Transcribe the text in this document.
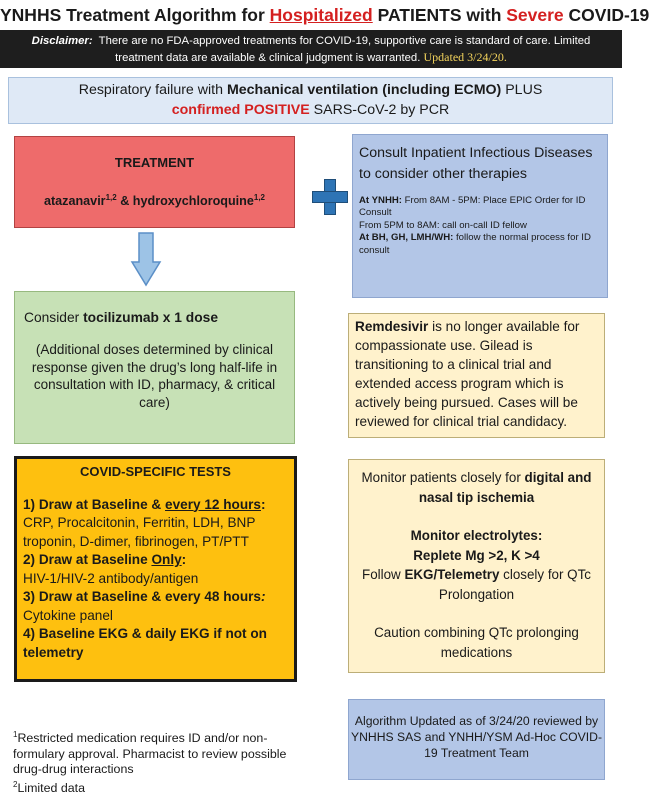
YNHHS Treatment Algorithm for Hospitalized PATIENTS with Severe COVID-19
Disclaimer: There are no FDA-approved treatments for COVID-19, supportive care is standard of care. Limited treatment data are available & clinical judgment is warranted. Updated 3/24/20.
Respiratory failure with Mechanical ventilation (including ECMO) PLUS
confirmed POSITIVE SARS-CoV-2 by PCR
TREATMENT
atazanavir$^{1,2}$ & hydroxychloroquine$^{1,2}$
Consult Inpatient Infectious Diseases to consider other therapies
At YNHH: From 8AM - 5PM: Place EPIC Order for ID Consult
From 5PM to 8AM: call on-call ID fellow
At BH, GH, LMH/WH: follow the normal process for ID consult
Consider tocilizumab x 1 dose
(Additional doses determined by clinical response given the drug’s long half-life in consultation with ID, pharmacy, & critical care)
Remdesivir is no longer available for compassionate use. Gilead is transitioning to a clinical trial and extended access program which is actively being pursued. Cases will be reviewed for clinical trial candidacy.
COVID-SPECIFIC TESTS
1) Draw at Baseline & every 12 hours:
CRP, Procalcitonin, Ferritin, LDH, BNP troponin, D-dimer, fibrinogen, PT/PTT
2) Draw at Baseline Only:
HIV-1/HIV-2 antibody/antigen
3) Draw at Baseline & every 48 hours:
Cytokine panel
4) Baseline EKG & daily EKG if not on telemetry
Monitor patients closely for digital and nasal tip ischemia
Monitor electrolytes:
Replete Mg >2, K >4
Follow EKG/Telemetry closely for QTc Prolongation
Caution combining QTc prolonging medications
$^1$Restricted medication requires ID and/or non-formulary approval. Pharmacist to review possible drug-drug interactions
$^2$Limited data
Algorithm Updated as of 3/24/20 reviewed by YNHHS SAS and YNHH/YSM Ad-Hoc COVID-19 Treatment Team
